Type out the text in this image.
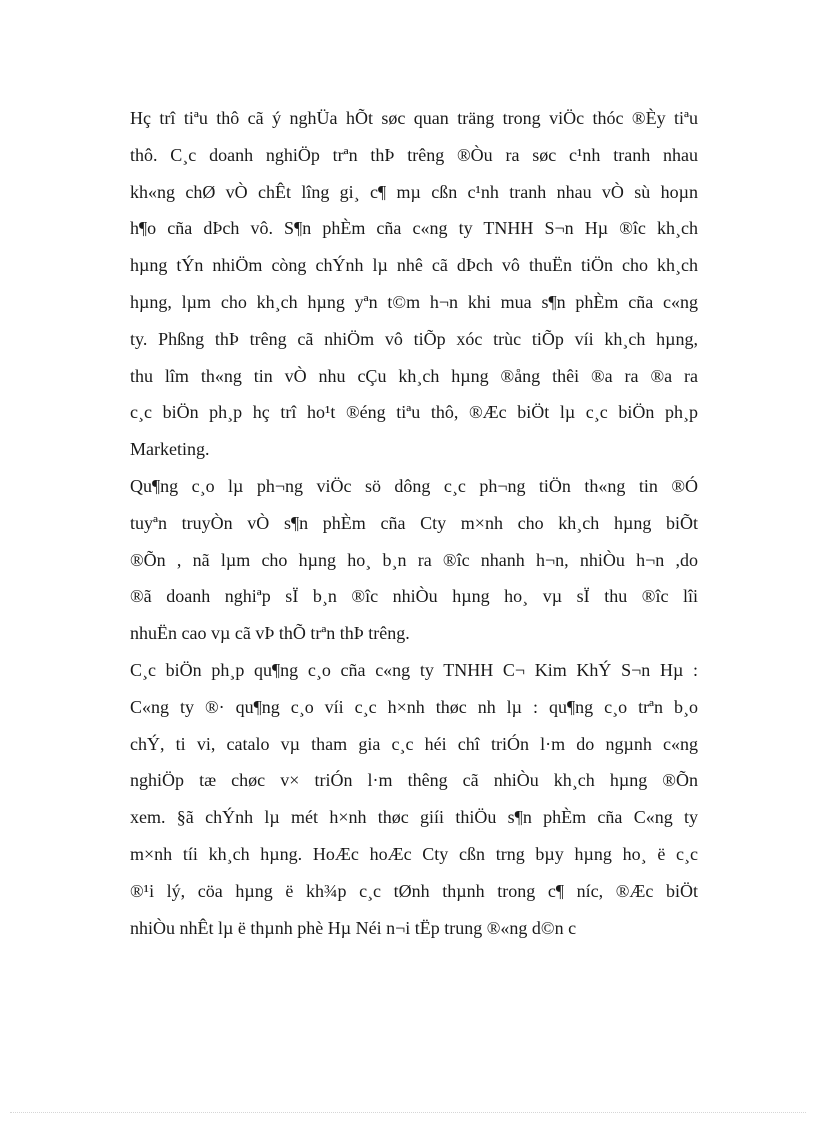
Hç trî tiªu thô cã ý nghÜa hÕt søc quan träng trong viÖc thóc ®Èy tiªu
thô. C¸c doanh nghiÖp trªn thÞ trêng ®Òu ra søc c¹nh tranh nhau
kh«ng chØ vÒ chÊt lîng gi¸ c¶ mµ cßn c¹nh tranh nhau vÒ sù hoµn
h¶o cña dÞch vô. S¶n phÈm cña c«ng ty TNHH S¬n Hµ ®îc kh¸ch
hµng tÝn nhiÖm còng chÝnh lµ nhê cã dÞch vô thuËn tiÖn cho kh¸ch
hµng, lµm cho kh¸ch hµng yªn t©m h¬n khi mua s¶n phÈm cña c«ng
ty. Phßng thÞ trêng cã nhiÖm vô tiÕp xóc trùc tiÕp víi kh¸ch hµng,
thu lîm th«ng tin vÒ nhu cÇu kh¸ch hµng ®ång thêi ®a ra ®a ra
c¸c biÖn ph¸p hç trî ho¹t ®éng tiªu thô, ®Æc biÖt lµ c¸c biÖn ph¸p
Marketing.
Qu¶ng c¸o lµ ph¬ng viÖc sö dông c¸c ph¬ng tiÖn th«ng tin ®Ó
tuyªn truyÒn vÒ s¶n phÈm cña Cty m×nh cho kh¸ch hµng biÕt
®Õn , nã lµm cho hµng ho¸ b¸n ra ®îc nhanh h¬n, nhiÒu h¬n ,do
®ã doanh nghiªp sÏ b¸n ®îc nhiÒu hµng ho¸ vµ sÏ thu ®îc lîi
nhuËn cao vµ cã vÞ thÕ trªn thÞ trêng.
C¸c biÖn ph¸p qu¶ng c¸o cña c«ng ty TNHH C¬ Kim KhÝ S¬n Hµ :
C«ng ty ®· qu¶ng c¸o víi c¸c h×nh thøc nh lµ : qu¶ng c¸o trªn b¸o
chÝ, ti vi, catalo vµ tham gia c¸c héi chî triÓn l·m do ngµnh c«ng
nghiÖp tæ chøc v× triÓn l·m thêng cã nhiÒu kh¸ch hµng ®Õn
xem. §ã chÝnh lµ mét h×nh thøc giíi thiÖu s¶n phÈm cña C«ng ty
m×nh tíi kh¸ch hµng. HoÆc hoÆc Cty cßn trng bµy hµng ho¸ ë c¸c
®¹i lý, cöa hµng ë kh¾p c¸c tØnh thµnh trong c¶ níc, ®Æc biÖt
nhiÒu nhÊt lµ ë thµnh phè Hµ Néi n¬i tËp trung ®«ng d©n c
